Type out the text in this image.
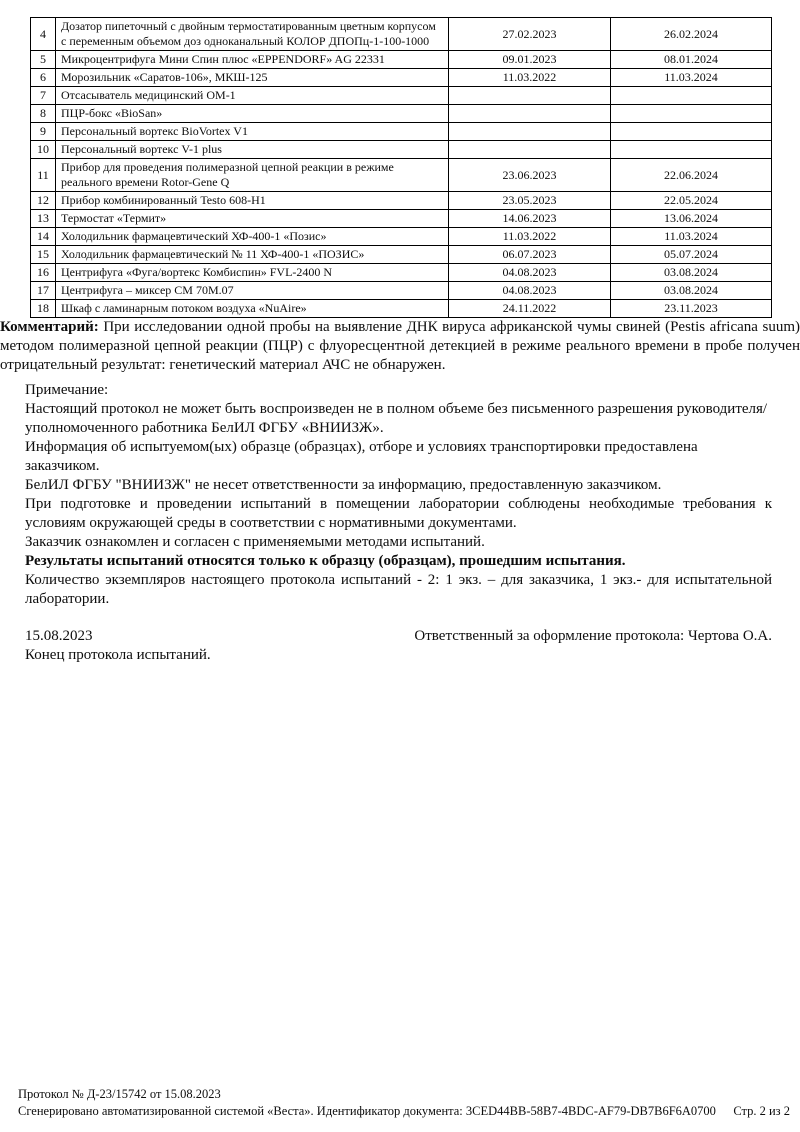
4	Дозатор пипеточный с двойным термостатированным цветным корпусом с переменным объемом доз одноканальный КОЛОР ДПОПц-1-100-1000	27.02.2023	26.02.2024
5	Микроцентрифуга Мини Спин плюс «EPPENDORF» AG 22331	09.01.2023	08.01.2024
6	Морозильник «Саратов-106», МКШ-125	11.03.2022	11.03.2024
7	Отсасыватель медицинский ОМ-1		
8	ПЦР-бокс «BioSan»		
9	Персональный вортекс BioVortex V1		
10	Персональный вортекс V-1 plus		
11	Прибор для проведения полимеразной цепной реакции в режиме реального времени Rotor-Gene Q	23.06.2023	22.06.2024
12	Прибор комбинированный Testo 608-H1	23.05.2023	22.05.2024
13	Термостат «Термит»	14.06.2023	13.06.2024
14	Холодильник фармацевтический ХФ-400-1 «Позис»	11.03.2022	11.03.2024
15	Холодильник фармацевтический № 11 ХФ-400-1 «ПОЗИС»	06.07.2023	05.07.2024
16	Центрифуга «Фуга/вортекс Комбиспин» FVL-2400 N	04.08.2023	03.08.2024
17	Центрифуга – миксер СМ 70М.07	04.08.2023	03.08.2024
18	Шкаф с ламинарным потоком воздуха «NuAire»	24.11.2022	23.11.2023

Комментарий: При исследовании одной пробы на выявление ДНК вируса африканской чумы свиней (Pestis africana suum) методом полимеразной цепной реакции (ПЦР) с флуоресцентной детекцией в режиме реального времени в пробе получен отрицательный результат: генетический материал АЧС не обнаружен.

Примечание:

Настоящий протокол не может быть воспроизведен не в полном объеме без письменного разрешения руководителя/уполномоченного работника БелИЛ ФГБУ «ВНИИЗЖ».

Информация об испытуемом(ых) образце (образцах), отборе и условиях транспортировки предоставлена заказчиком.

БелИЛ ФГБУ "ВНИИЗЖ" не несет ответственности за информацию, предоставленную заказчиком.

При подготовке и проведении испытаний в помещении лаборатории соблюдены необходимые требования к условиям окружающей среды в соответствии с нормативными документами.

Заказчик ознакомлен и согласен с применяемыми методами испытаний.

Результаты испытаний относятся только к образцу (образцам), прошедшим испытания.

Количество экземпляров настоящего протокола испытаний - 2: 1 экз. – для заказчика, 1 экз.- для испытательной лаборатории.

15.08.2023	Ответственный за оформление протокола: Чертова О.А.

Конец протокола испытаний.

Протокол № Д-23/15742 от 15.08.2023
Сгенерировано автоматизированной системой «Веста». Идентификатор документа: 3CED44BB-58B7-4BDC-AF79-DB7B6F6A0700 Стр. 2 из 2
